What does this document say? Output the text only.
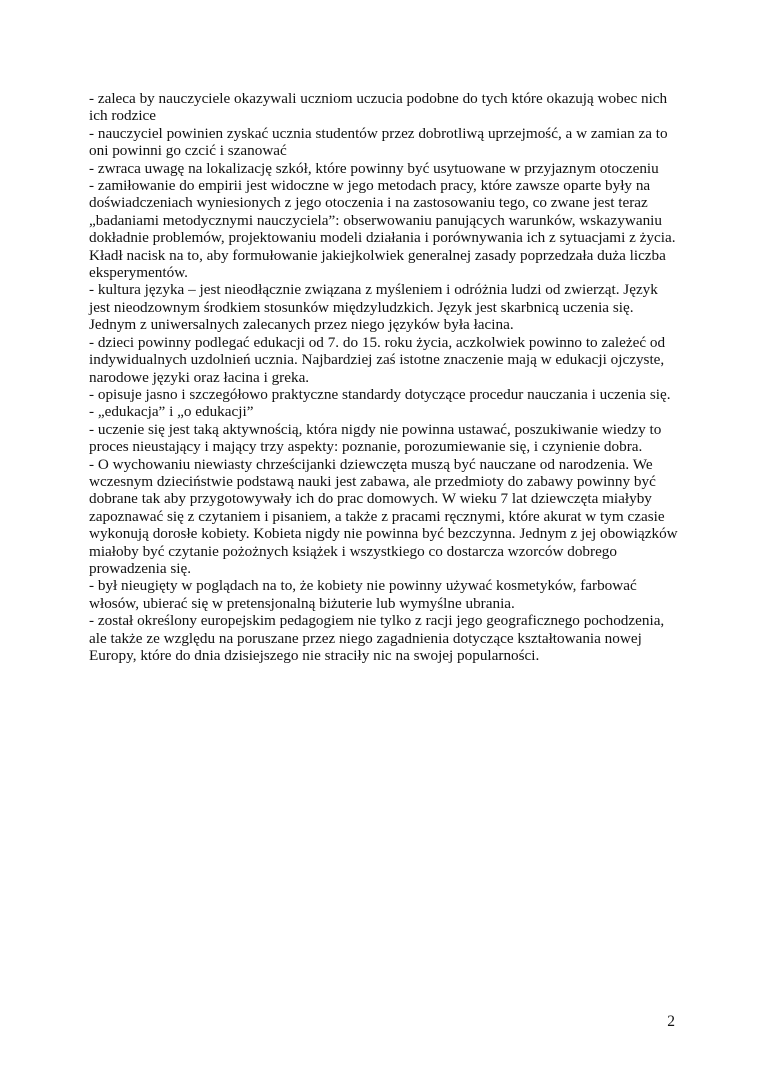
- zaleca by nauczyciele okazywali uczniom uczucia podobne do tych które okazują wobec nich ich rodzice

- nauczyciel powinien zyskać ucznia studentów przez dobrotliwą uprzejmość, a w zamian za to oni powinni go czcić i szanować

- zwraca uwagę na lokalizację szkół, które powinny być usytuowane w przyjaznym otoczeniu

- zamiłowanie do empirii jest widoczne w jego metodach pracy, które zawsze oparte były na doświadczeniach wyniesionych z jego otoczenia i na zastosowaniu tego, co zwane jest teraz „badaniami metodycznymi nauczyciela”: obserwowaniu panujących warunków, wskazywaniu dokładnie problemów, projektowaniu modeli działania i porównywania ich z sytuacjami z życia. Kładł nacisk na to, aby formułowanie jakiejkolwiek generalnej zasady poprzedzała duża liczba eksperymentów.

- kultura języka – jest nieodłącznie związana z myśleniem i odróżnia ludzi od zwierząt. Język jest nieodzownym środkiem stosunków międzyludzkich. Język jest skarbnicą uczenia się. Jednym z uniwersalnych zalecanych przez niego języków była łacina.

- dzieci powinny podlegać edukacji od 7. do 15. roku życia, aczkolwiek powinno to zależeć od indywidualnych uzdolnień ucznia. Najbardziej zaś istotne znaczenie mają w edukacji ojczyste, narodowe języki oraz łacina i greka.

- opisuje jasno i szczegółowo praktyczne standardy dotyczące procedur nauczania i uczenia się.

- „edukacja” i „o edukacji”

- uczenie się jest taką aktywnością, która nigdy nie powinna ustawać, poszukiwanie wiedzy to proces nieustający i mający trzy aspekty: poznanie, porozumiewanie się, i czynienie dobra.

- O wychowaniu niewiasty chrześcijanki dziewczęta muszą być nauczane od narodzenia. We wczesnym dzieciństwie podstawą nauki jest zabawa, ale przedmioty do zabawy powinny być dobrane tak aby przygotowywały ich do prac domowych. W wieku 7 lat dziewczęta miałyby zapoznawać się z czytaniem i pisaniem, a także z pracami ręcznymi, które akurat w tym czasie wykonują dorosłe kobiety. Kobieta nigdy nie powinna być bezczynna. Jednym z jej obowiązków miałoby być czytanie pożożnych książek i wszystkiego co dostarcza wzorców dobrego prowadzenia się.

- był nieugięty w poglądach na to, że kobiety nie powinny używać kosmetyków, farbować włosów, ubierać się w pretensjonalną biżuterie lub wymyślne ubrania.

- został określony europejskim pedagogiem nie tylko z racji jego geograficznego pochodzenia, ale także ze względu na poruszane przez niego zagadnienia dotyczące kształtowania nowej Europy, które do dnia dzisiejszego nie straciły nic na swojej popularności.

2
